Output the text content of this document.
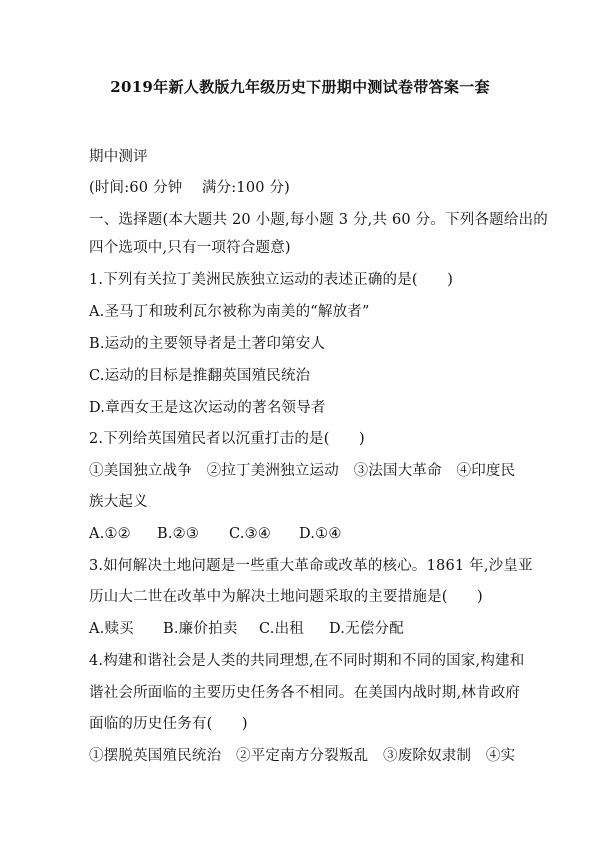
2019年新人教版九年级历史下册期中测试卷带答案一套
期中测评
(时间:60 分钟　 满分:100 分)
一、选择题(本大题共 20 小题,每小题 3 分,共 60 分。下列各题给出的
四个选项中,只有一项符合题意)
1.下列有关拉丁美洲民族独立运动的表述正确的是(　　)
A.圣马丁和玻利瓦尔被称为南美的“解放者”
B.运动的主要领导者是土著印第安人
C.运动的目标是推翻英国殖民统治
D.章西女王是这次运动的著名领导者
2.下列给英国殖民者以沉重打击的是(　　)
①美国独立战争　②拉丁美洲独立运动　③法国大革命　④印度民
族大起义
A.①② B.②③ C.③④ D.①④
3.如何解决土地问题是一些重大革命或改革的核心。1861 年,沙皇亚
历山大二世在改革中为解决土地问题采取的主要措施是(　　)
A.赎买 B.廉价拍卖 C.出租 D.无偿分配
4.构建和谐社会是人类的共同理想,在不同时期和不同的国家,构建和
谐社会所面临的主要历史任务各不相同。在美国内战时期,林肯政府
面临的历史任务有(　　)
①摆脱英国殖民统治　②平定南方分裂叛乱　③废除奴隶制　④实
